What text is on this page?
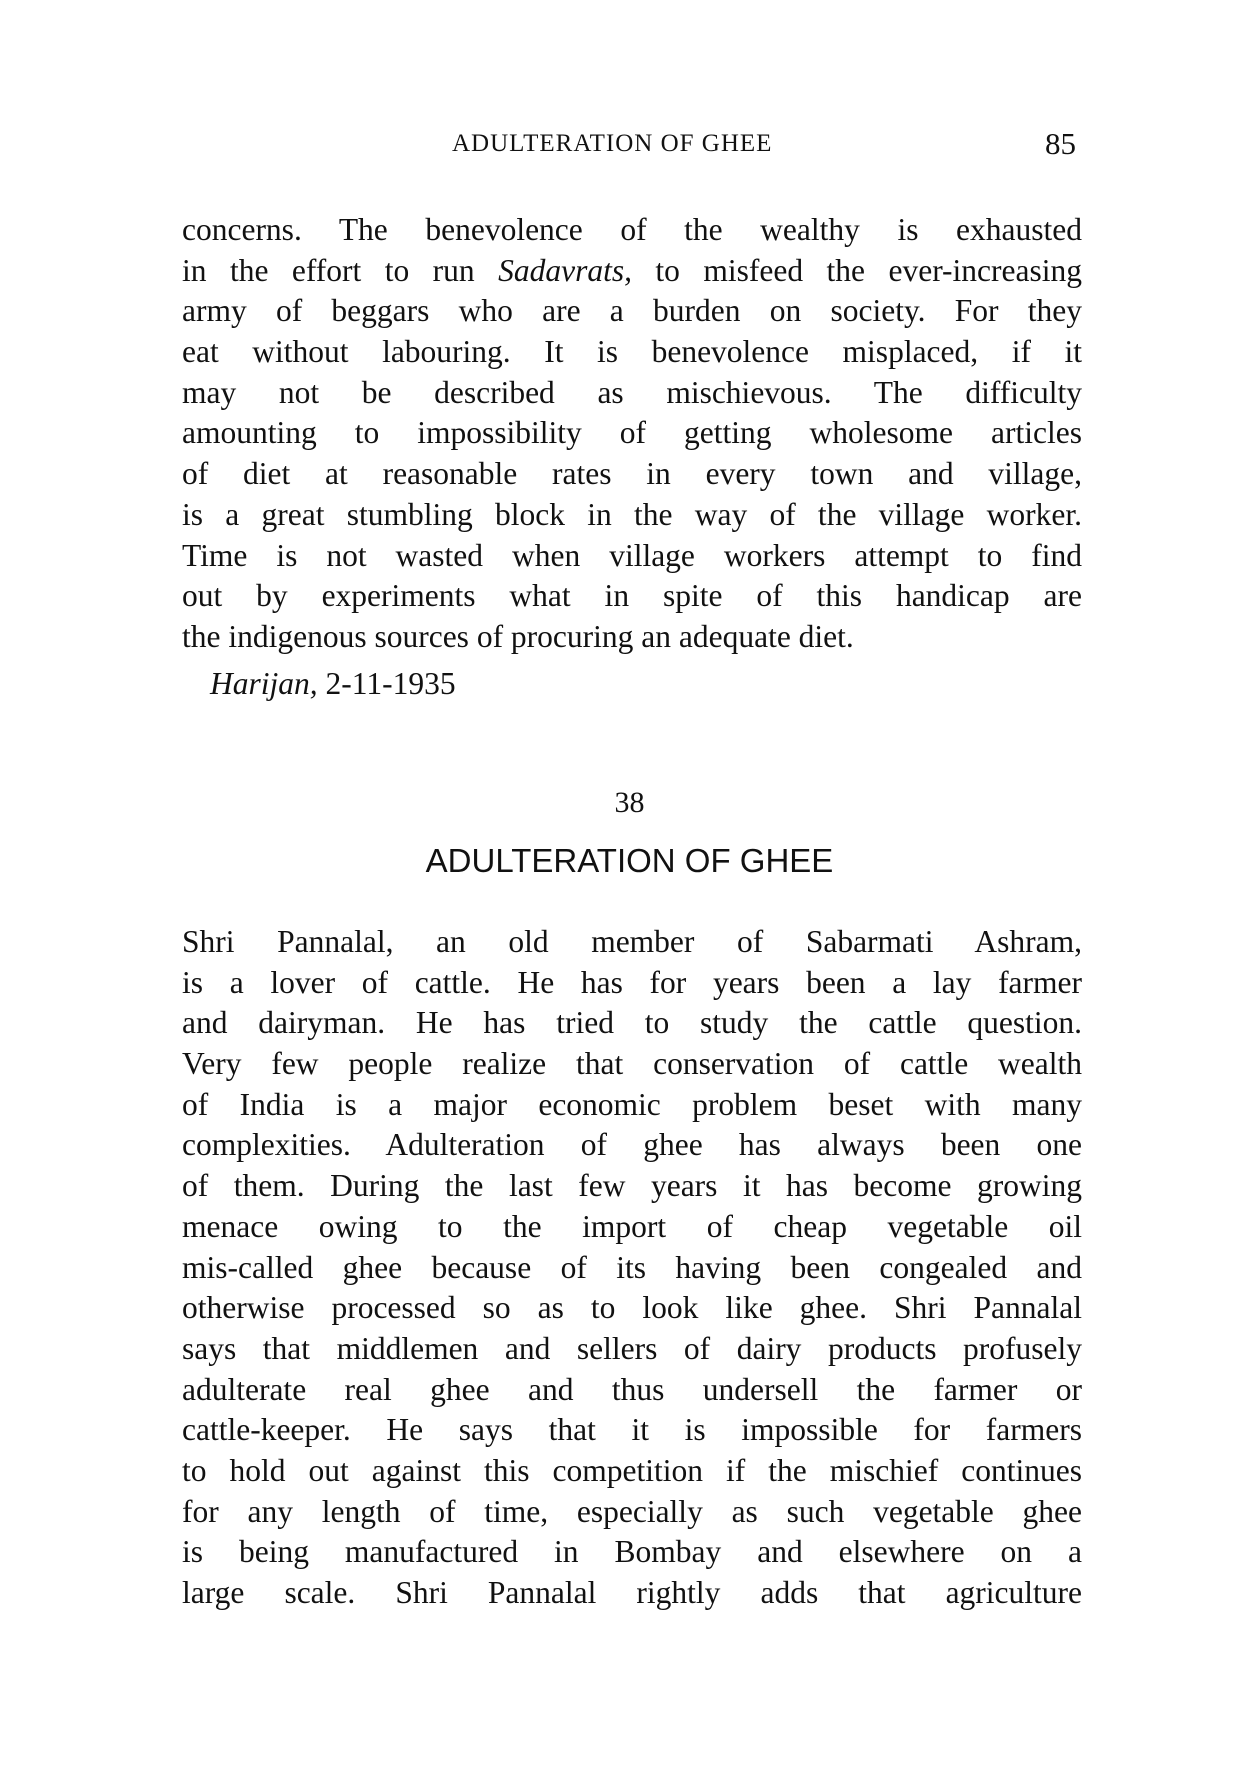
ADULTERATION OF GHEE	85
concerns. The benevolence of the wealthy is exhausted
in the effort to run Sadavrats, to misfeed the ever-increasing
army of beggars who are a burden on society. For they
eat without labouring. It is benevolence misplaced, if it
may not be described as mischievous. The difficulty
amounting to impossibility of getting wholesome articles
of diet at reasonable rates in every town and village,
is a great stumbling block in the way of the village worker.
Time is not wasted when village workers attempt to find
out by experiments what in spite of this handicap are
the indigenous sources of procuring an adequate diet.
Harijan, 2-11-1935
38
ADULTERATION OF GHEE
Shri Pannalal, an old member of Sabarmati Ashram,
is a lover of cattle. He has for years been a lay farmer
and dairyman. He has tried to study the cattle question.
Very few people realize that conservation of cattle wealth
of India is a major economic problem beset with many
complexities. Adulteration of ghee has always been one
of them. During the last few years it has become growing
menace owing to the import of cheap vegetable oil
mis-called ghee because of its having been congealed and
otherwise processed so as to look like ghee. Shri Pannalal
says that middlemen and sellers of dairy products profusely
adulterate real ghee and thus undersell the farmer or
cattle-keeper. He says that it is impossible for farmers
to hold out against this competition if the mischief continues
for any length of time, especially as such vegetable ghee
is being manufactured in Bombay and elsewhere on a
large scale. Shri Pannalal rightly adds that agriculture
